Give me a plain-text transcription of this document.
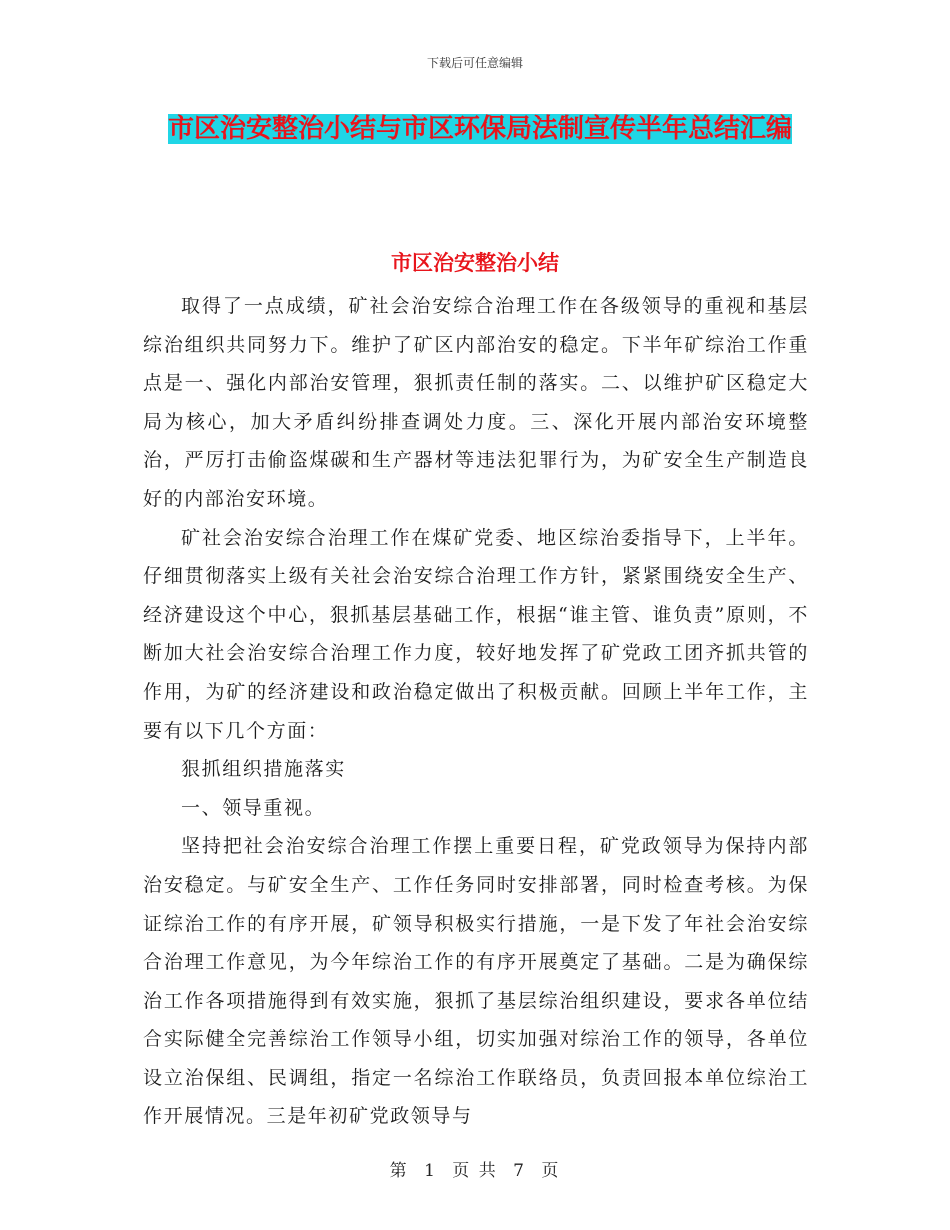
下载后可任意编辑
市区治安整治小结与市区环保局法制宣传半年总结汇编
市区治安整治小结

取得了一点成绩，矿社会治安综合治理工作在各级领导的重视和基层综治组织共同努力下。维护了矿区内部治安的稳定。下半年矿综治工作重点是一、强化内部治安管理，狠抓责任制的落实。二、以维护矿区稳定大局为核心，加大矛盾纠纷排查调处力度。三、深化开展内部治安环境整治，严厉打击偷盗煤碳和生产器材等违法犯罪行为，为矿安全生产制造良好的内部治安环境。

矿社会治安综合治理工作在煤矿党委、地区综治委指导下，上半年。仔细贯彻落实上级有关社会治安综合治理工作方针，紧紧围绕安全生产、经济建设这个中心，狠抓基层基础工作，根据“谁主管、谁负责”原则，不断加大社会治安综合治理工作力度，较好地发挥了矿党政工团齐抓共管的作用，为矿的经济建设和政治稳定做出了积极贡献。回顾上半年工作，主要有以下几个方面：

狠抓组织措施落实

一、领导重视。

坚持把社会治安综合治理工作摆上重要日程，矿党政领导为保持内部治安稳定。与矿安全生产、工作任务同时安排部署，同时检查考核。为保证综治工作的有序开展，矿领导积极实行措施，一是下发了年社会治安综合治理工作意见，为今年综治工作的有序开展奠定了基础。二是为确保综治工作各项措施得到有效实施，狠抓了基层综治组织建设，要求各单位结合实际健全完善综治工作领导小组，切实加强对综治工作的领导，各单位设立治保组、民调组，指定一名综治工作联络员，负责回报本单位综治工作开展情况。三是年初矿党政领导与

第 1 页 共 7 页
